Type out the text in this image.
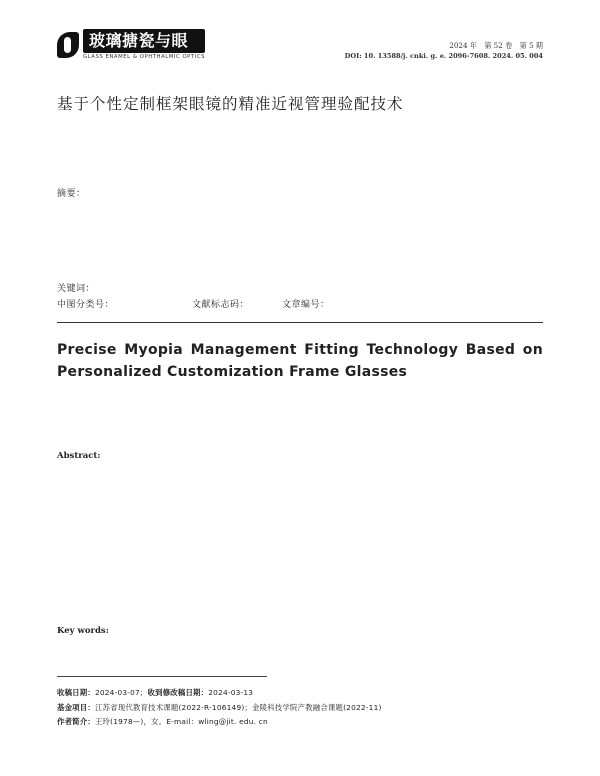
玻璃搪瓷与眼镜
GLASS ENAMEL & OPHTHALMIC OPTICS
2024 年　第 52 卷　第 5 期
DOI: 10. 13588/j. cnki. g. e. 2096-7608. 2024. 05. 004
基于个性定制框架眼镜的精准近视管理验配技术
摘要：
关键词：
中图分类号：	文献标志码：	文章编号：
Precise Myopia Management Fitting Technology Based on Personalized Customization Frame Glasses
Abstract:
Key words:
收稿日期：2024-03-07；收到修改稿日期：2024-03-13
基金项目：江苏省现代教育技术课题(2022-R-106149)；金陵科技学院产教融合课题(2022-11)
作者简介：王玲(1978—)，女。E-mail：wling@jit. edu. cn
